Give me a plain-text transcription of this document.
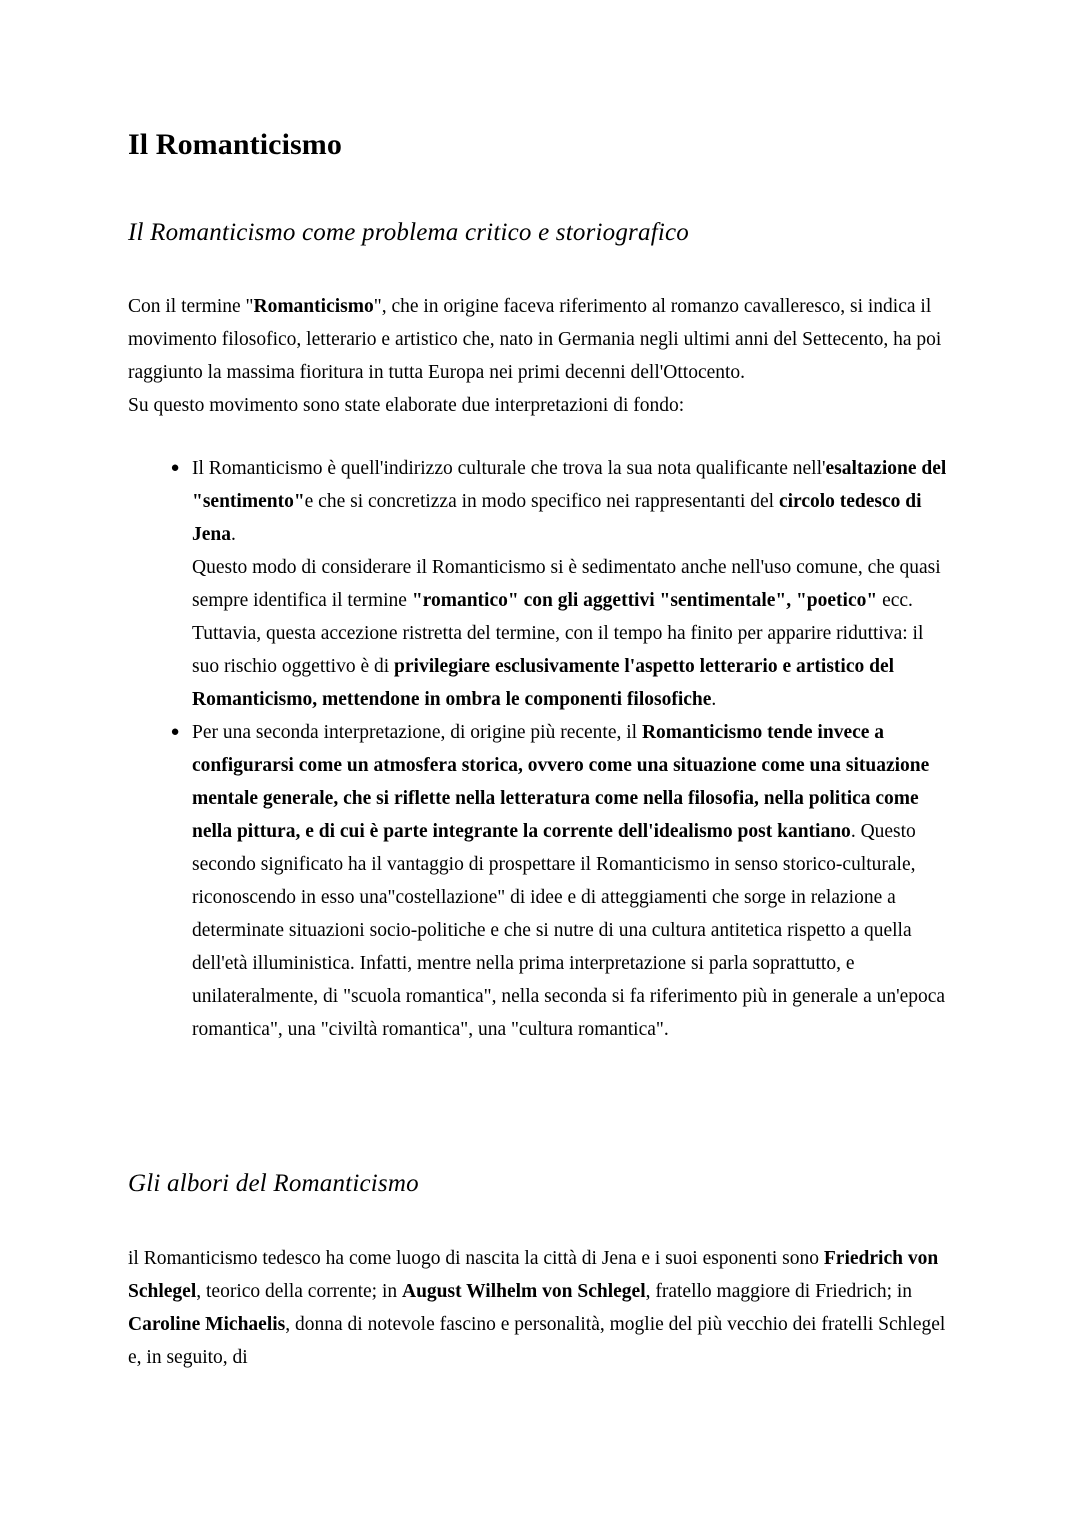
Il Romanticismo
Il Romanticismo come problema critico e storiografico

Con il termine "Romanticismo", che in origine faceva riferimento al romanzo cavalleresco, si indica il movimento filosofico, letterario e artistico che, nato in Germania negli ultimi anni del Settecento, ha poi raggiunto la massima fioritura in tutta Europa nei primi decenni dell'Ottocento.

Su questo movimento sono state elaborate due interpretazioni di fondo:

● Il Romanticismo è quell'indirizzo culturale che trova la sua nota qualificante nell'esaltazione del "sentimento"e che si concretizza in modo specifico nei rappresentanti del circolo tedesco di Jena.

Questo modo di considerare il Romanticismo si è sedimentato anche nell'uso comune, che quasi sempre identifica il termine "romantico" con gli aggettivi "sentimentale", "poetico" ecc. Tuttavia, questa accezione ristretta del termine, con il tempo ha finito per apparire riduttiva: il suo rischio oggettivo è di privilegiare esclusivamente l'aspetto letterario e artistico del Romanticismo, mettendone in ombra le componenti filosofiche.

● Per una seconda interpretazione, di origine più recente, il Romanticismo tende invece a configurarsi come un atmosfera storica, ovvero come una situazione come una situazione mentale generale, che si riflette nella letteratura come nella filosofia, nella politica come nella pittura, e di cui è parte integrante la corrente dell'idealismo post kantiano. Questo secondo significato ha il vantaggio di prospettare il Romanticismo in senso storico-culturale, riconoscendo in esso una"costellazione" di idee e di atteggiamenti che sorge in relazione a determinate situazioni socio-politiche e che si nutre di una cultura antitetica rispetto a quella dell'età illuministica. Infatti, mentre nella prima interpretazione si parla soprattutto, e unilateralmente, di "scuola romantica", nella seconda si fa riferimento più in generale a un'epoca romantica", una "civiltà romantica", una "cultura romantica".

Gli albori del Romanticismo

il Romanticismo tedesco ha come luogo di nascita la città di Jena e i suoi esponenti sono Friedrich von Schlegel, teorico della corrente; in August Wilhelm von Schlegel, fratello maggiore di Friedrich; in Caroline Michaelis, donna di notevole fascino e personalità, moglie del più vecchio dei fratelli Schlegel e, in seguito, di
